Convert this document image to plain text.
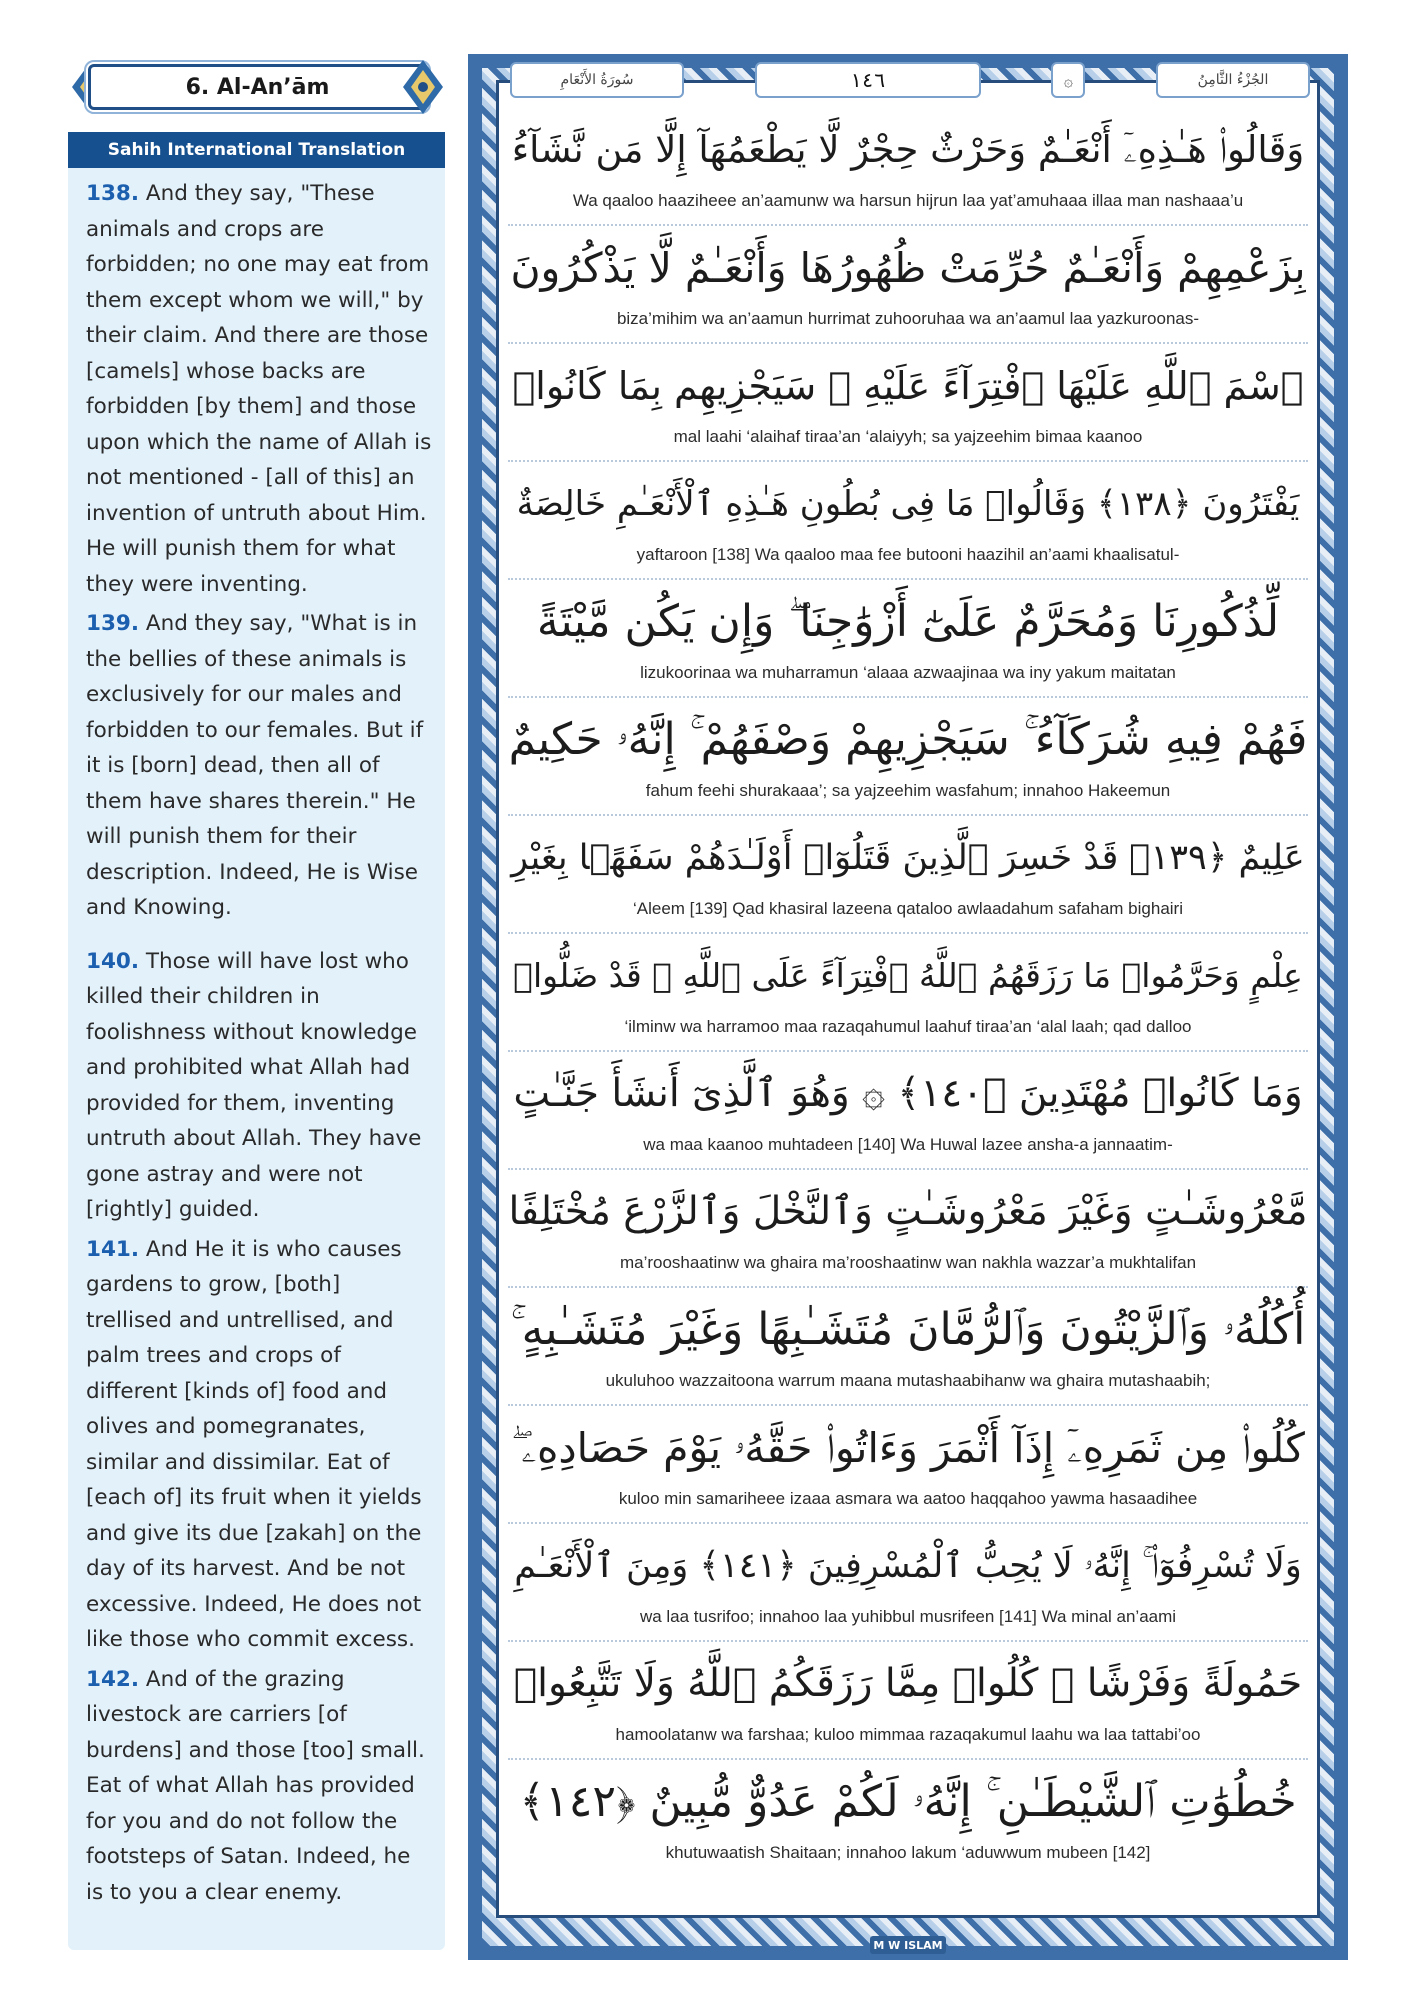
6. Al-An’ām
Sahih International Translation

138. And they say, "These animals and crops are forbidden; no one may eat from them except whom we will," by their claim. And there are those [camels] whose backs are forbidden [by them] and those upon which the name of Allah is not mentioned - [all of this] an invention of untruth about Him. He will punish them for what they were inventing.

139. And they say, "What is in the bellies of these animals is exclusively for our males and forbidden to our females. But if it is [born] dead, then all of them have shares therein." He will punish them for their description. Indeed, He is Wise and Knowing.

140. Those will have lost who killed their children in foolishness without knowledge and prohibited what Allah had provided for them, inventing untruth about Allah. They have gone astray and were not [rightly] guided.

141. And He it is who causes gardens to grow, [both] trellised and untrellised, and palm trees and crops of different [kinds of] food and olives and pomegranates, similar and dissimilar. Eat of [each of] its fruit when it yields and give its due [zakah] on the day of its harvest. And be not excessive. Indeed, He does not like those who commit excess.

142. And of the grazing livestock are carriers [of burdens] and those [too] small. Eat of what Allah has provided for you and do not follow the footsteps of Satan. Indeed, he is to you a clear enemy.

سُورَةُ الأَنْعَامِ	١٤٦	۞	الجُزْءُ الثَّامِنُ
وَقَالُوا۟ هَـٰذِهِۦٓ أَنْعَـٰمٌ وَحَرْثٌ حِجْرٌ لَّا يَطْعَمُهَآ إِلَّا مَن نَّشَآءُ
Wa qaaloo haaziheee an’aamunw wa harsun hijrun laa yat’amuhaaa illaa man nashaaa’u
بِزَعْمِهِمْ وَأَنْعَـٰمٌ حُرِّمَتْ ظُهُورُهَا وَأَنْعَـٰمٌ لَّا يَذْكُرُونَ
biza’mihim wa an’aamun hurrimat zuhooruhaa wa an’aamul laa yazkuroonas-
ٱسْمَ ٱللَّهِ عَلَيْهَا ٱفْتِرَآءً عَلَيْهِ ۚ سَيَجْزِيهِم بِمَا كَانُوا۟
mal laahi ‘alaihaf tiraa’an ‘alaiyyh; sa yajzeehim bimaa kaanoo
يَفْتَرُونَ ﴿١٣٨﴾ وَقَالُوا۟ مَا فِى بُطُونِ هَـٰذِهِ ٱلْأَنْعَـٰمِ خَالِصَةٌ
yaftaroon [138] Wa qaaloo maa fee butooni haazihil an’aami khaalisatul-
لِّذُكُورِنَا وَمُحَرَّمٌ عَلَىٰٓ أَزْوَٰجِنَا ۖ وَإِن يَكُن مَّيْتَةً
lizukoorinaa wa muharramun ‘alaaa azwaajinaa wa iny yakum maitatan
فَهُمْ فِيهِ شُرَكَآءُ ۚ سَيَجْزِيهِمْ وَصْفَهُمْ ۚ إِنَّهُۥ حَكِيمٌ
fahum feehi shurakaaa’; sa yajzeehim wasfahum; innahoo Hakeemun
عَلِيمٌ ﴿١٣٩﴾ قَدْ خَسِرَ ٱلَّذِينَ قَتَلُوٓا۟ أَوْلَـٰدَهُمْ سَفَهًۢا بِغَيْرِ
‘Aleem [139] Qad khasiral lazeena qataloo awlaadahum safaham bighairi
عِلْمٍ وَحَرَّمُوا۟ مَا رَزَقَهُمُ ٱللَّهُ ٱفْتِرَآءً عَلَى ٱللَّهِ ۚ قَدْ ضَلُّوا۟
‘ilminw wa harramoo maa razaqahumul laahuf tiraa’an ‘alal laah; qad dalloo
وَمَا كَانُوا۟ مُهْتَدِينَ ﴿١٤٠﴾ ۞ وَهُوَ ٱلَّذِىٓ أَنشَأَ جَنَّـٰتٍ
wa maa kaanoo muhtadeen [140] Wa Huwal lazee ansha-a jannaatim-
مَّعْرُوشَـٰتٍ وَغَيْرَ مَعْرُوشَـٰتٍ وَٱلنَّخْلَ وَٱلزَّرْعَ مُخْتَلِفًا
ma’rooshaatinw wa ghaira ma’rooshaatinw wan nakhla wazzar’a mukhtalifan
أُكُلُهُۥ وَٱلزَّيْتُونَ وَٱلرُّمَّانَ مُتَشَـٰبِهًا وَغَيْرَ مُتَشَـٰبِهٍ ۚ
ukuluhoo wazzaitoona warrum maana mutashaabihanw wa ghaira mutashaabih;
كُلُوا۟ مِن ثَمَرِهِۦٓ إِذَآ أَثْمَرَ وَءَاتُوا۟ حَقَّهُۥ يَوْمَ حَصَادِهِۦ ۖ
kuloo min samariheee izaaa asmara wa aatoo haqqahoo yawma hasaadihee
وَلَا تُسْرِفُوٓا۟ ۚ إِنَّهُۥ لَا يُحِبُّ ٱلْمُسْرِفِينَ ﴿١٤١﴾ وَمِنَ ٱلْأَنْعَـٰمِ
wa laa tusrifoo; innahoo laa yuhibbul musrifeen [141] Wa minal an’aami
حَمُولَةً وَفَرْشًا ۚ كُلُوا۟ مِمَّا رَزَقَكُمُ ٱللَّهُ وَلَا تَتَّبِعُوا۟
hamoolatanw wa farshaa; kuloo mimmaa razaqakumul laahu wa laa tattabi’oo
خُطُوَٰتِ ٱلشَّيْطَـٰنِ ۚ إِنَّهُۥ لَكُمْ عَدُوٌّ مُّبِينٌ ﴿١٤٢﴾
khutuwaatish Shaitaan; innahoo lakum ‘aduwwum mubeen [142]
M W ISLAM
